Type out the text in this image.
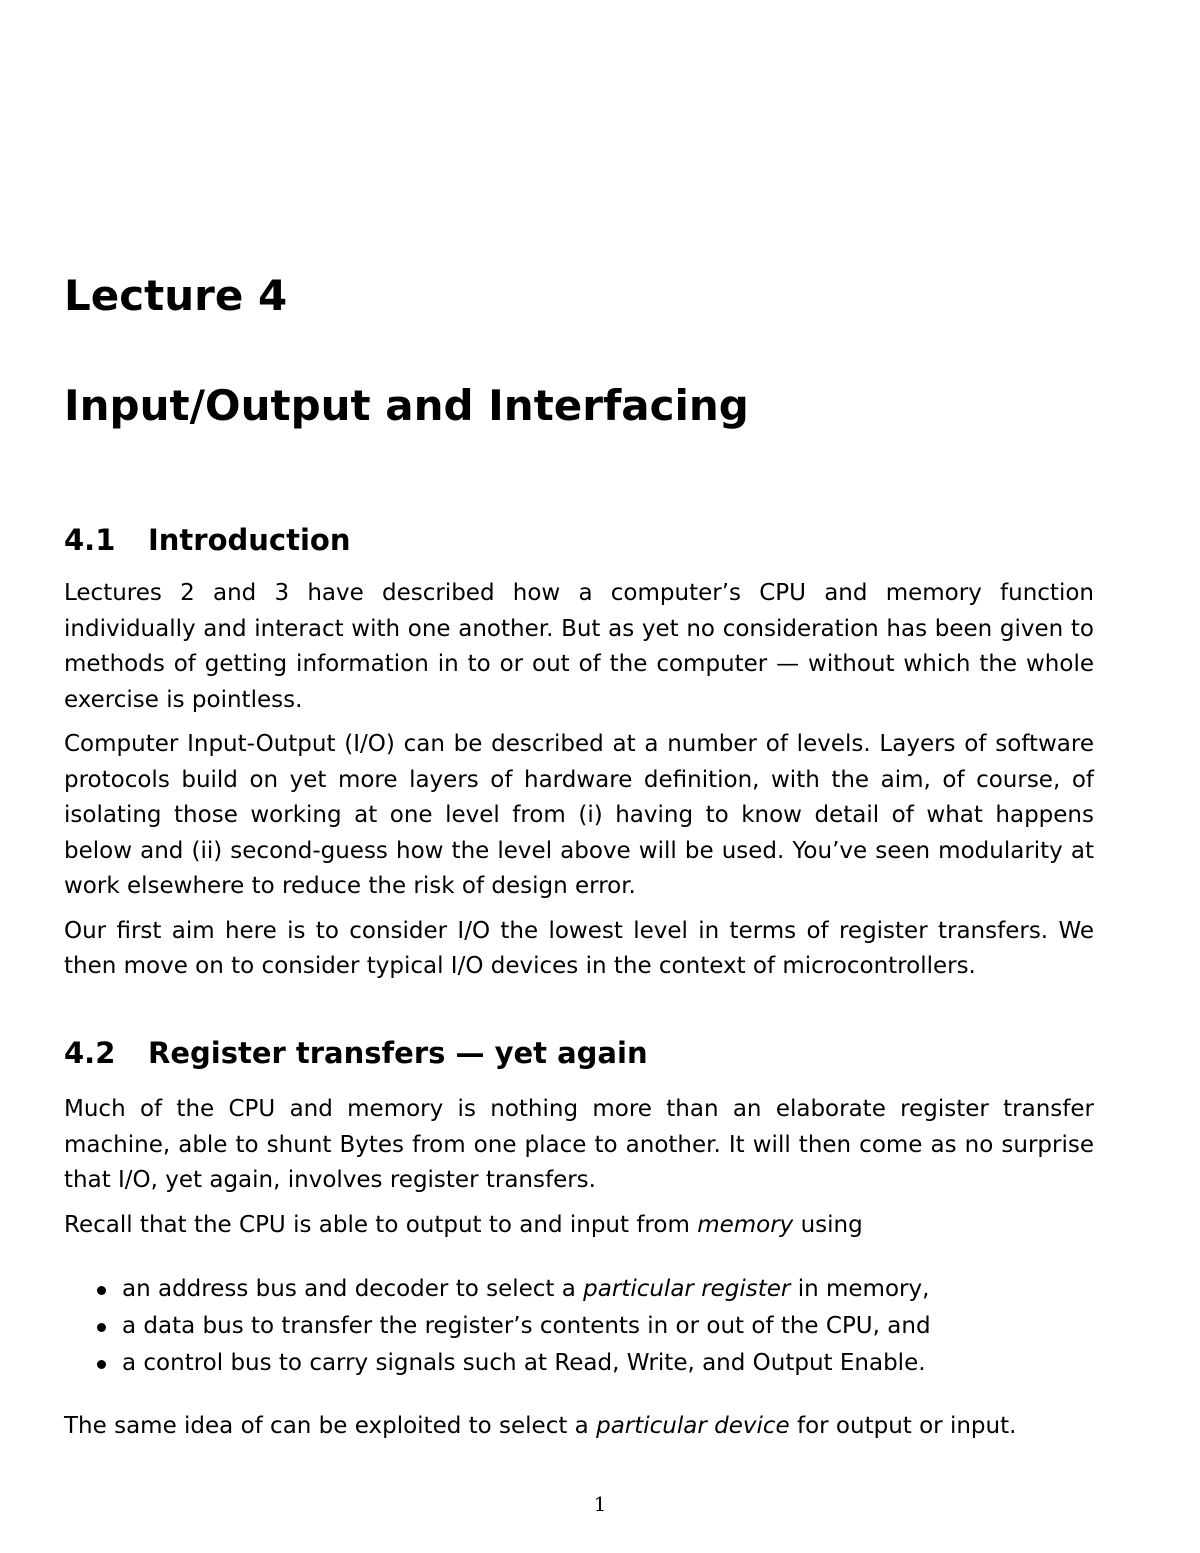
Lecture 4
Input/Output and Interfacing
4.1 Introduction

Lectures 2 and 3 have described how a computer’s CPU and memory function individually and interact with one another. But as yet no consideration has been given to methods of getting information in to or out of the computer — without which the whole exercise is pointless.

Computer Input-Output (I/O) can be described at a number of levels. Layers of software protocols build on yet more layers of hardware definition, with the aim, of course, of isolating those working at one level from (i) having to know detail of what happens below and (ii) second-guess how the level above will be used. You’ve seen modularity at work elsewhere to reduce the risk of design error.

Our first aim here is to consider I/O the lowest level in terms of register transfers. We then move on to consider typical I/O devices in the context of microcontrollers.

4.2 Register transfers — yet again

Much of the CPU and memory is nothing more than an elaborate register transfer machine, able to shunt Bytes from one place to another. It will then come as no surprise that I/O, yet again, involves register transfers.

Recall that the CPU is able to output to and input from memory using

an address bus and decoder to select a particular register in memory,
a data bus to transfer the register’s contents in or out of the CPU, and
a control bus to carry signals such at Read, Write, and Output Enable.

The same idea of can be exploited to select a particular device for output or input.

1
